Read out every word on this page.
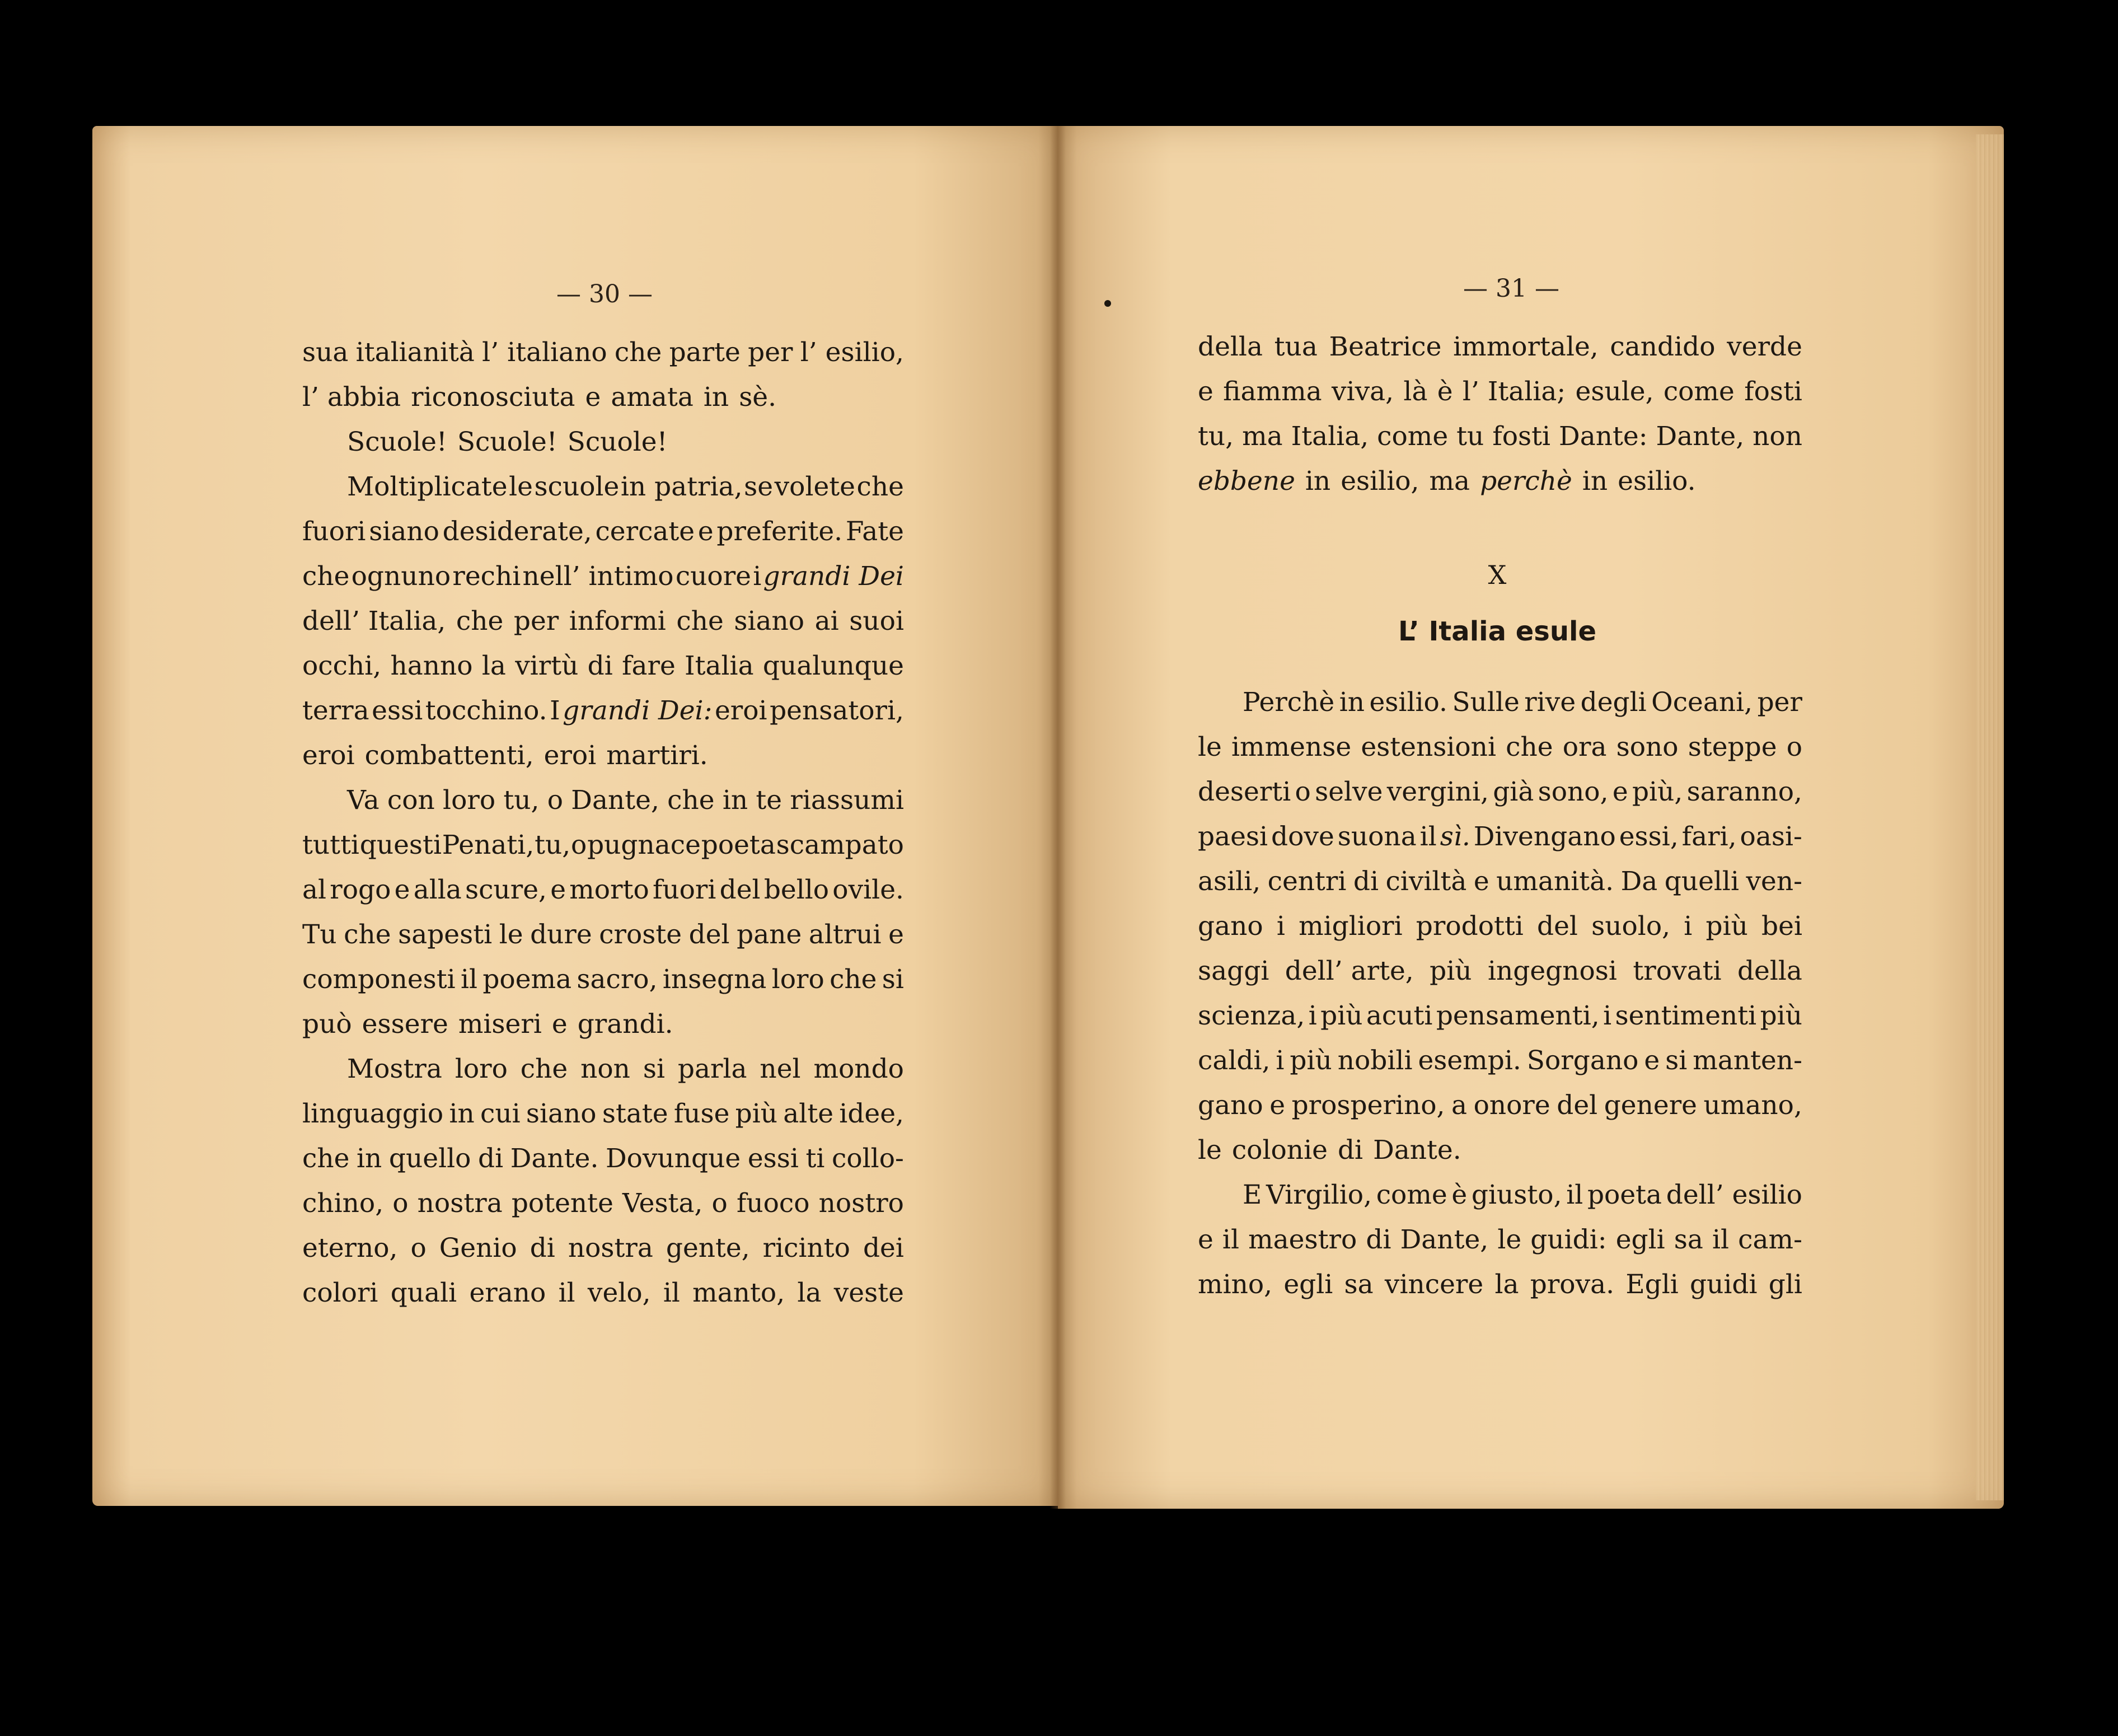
— 30 —	— 31 —
sua italianità l’ italiano che parte per l’ esilio,
l’ abbia riconosciuta e amata in sè.
Scuole! Scuole! Scuole!
Moltiplicate le scuole in patria, se volete che
fuori siano desiderate, cercate e preferite. Fate
che ognuno rechi nell’ intimo cuore i grandi Dei
dell’ Italia, che per informi che siano ai suoi
occhi, hanno la virtù di fare Italia qualunque
terra essi tocchino. I grandi Dei: eroi pensatori,
eroi combattenti, eroi martiri.
Va con loro tu, o Dante, che in te riassumi
tutti questi Penati, tu, o pugnace poeta scampato
al rogo e alla scure, e morto fuori del bello ovile.
Tu che sapesti le dure croste del pane altrui e
componesti il poema sacro, insegna loro che si
può essere miseri e grandi.
Mostra loro che non si parla nel mondo
linguaggio in cui siano state fuse più alte idee,
che in quello di Dante. Dovunque essi ti collo-
chino, o nostra potente Vesta, o fuoco nostro
eterno, o Genio di nostra gente, ricinto dei
colori quali erano il velo, il manto, la veste
della tua Beatrice immortale, candido verde
e fiamma viva, là è l’ Italia; esule, come fosti
tu, ma Italia, come tu fosti Dante: Dante, non
ebbene in esilio, ma perchè in esilio.
X
L’ Italia esule
Perchè in esilio. Sulle rive degli Oceani, per
le immense estensioni che ora sono steppe o
deserti o selve vergini, già sono, e più, saranno,
paesi dove suona il sì. Divengano essi, fari, oasi-
asili, centri di civiltà e umanità. Da quelli ven-
gano i migliori prodotti del suolo, i più bei
saggi dell’ arte, più ingegnosi trovati della
scienza, i più acuti pensamenti, i sentimenti più
caldi, i più nobili esempi. Sorgano e si manten-
gano e prosperino, a onore del genere umano,
le colonie di Dante.
E Virgilio, come è giusto, il poeta dell’ esilio
e il maestro di Dante, le guidi: egli sa il cam-
mino, egli sa vincere la prova. Egli guidi gli
